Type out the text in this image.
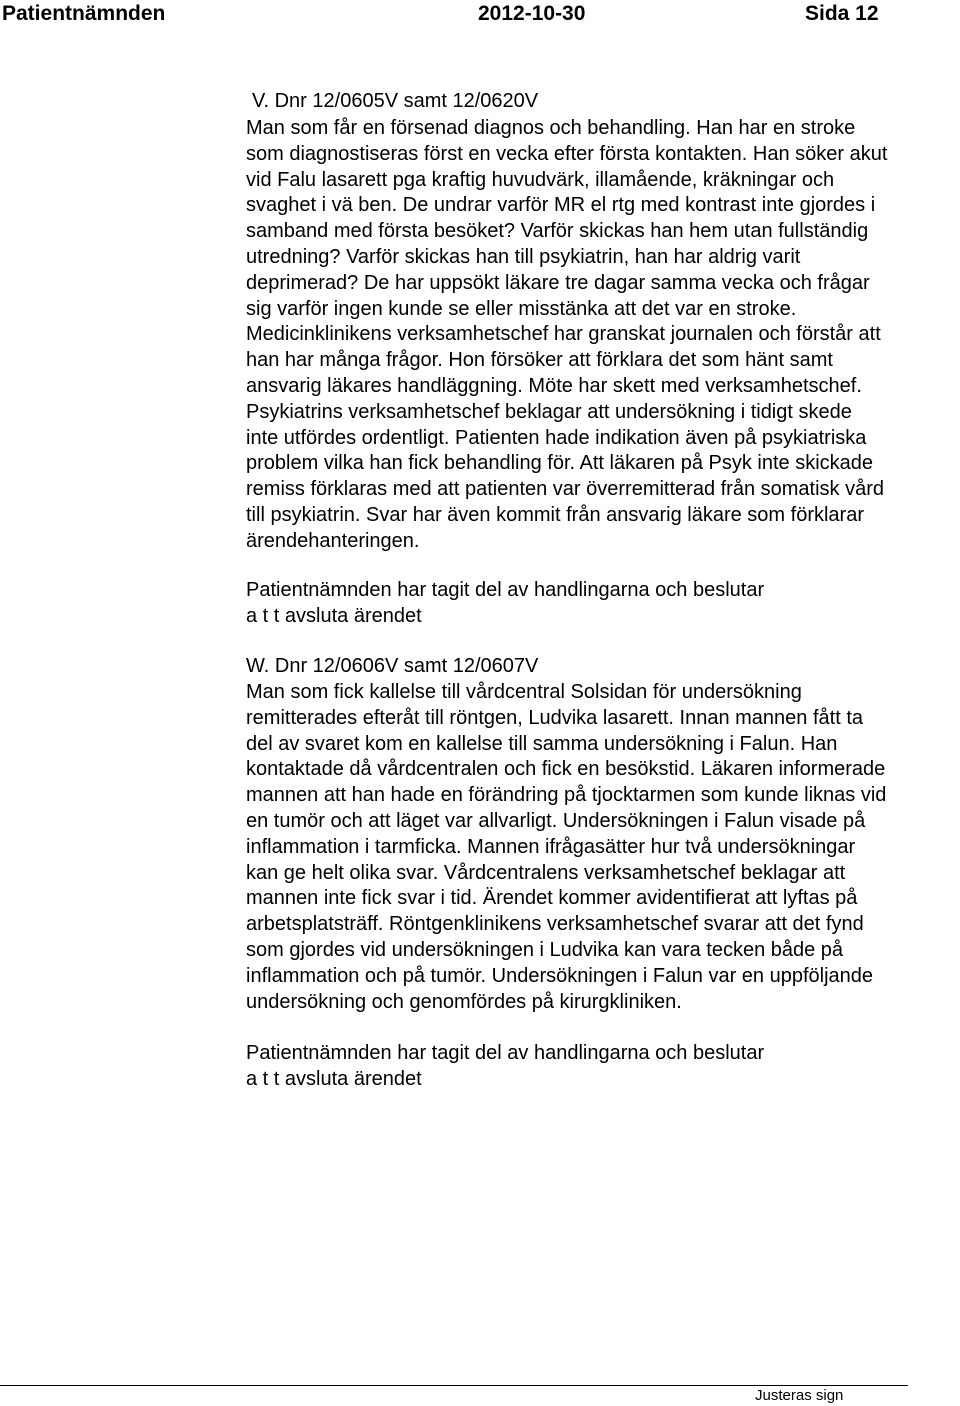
Patientnämnden	2012-10-30	Sida 12
V. Dnr 12/0605V samt 12/0620V
Man som får en försenad diagnos och behandling. Han har en stroke
som diagnostiseras först en vecka efter första kontakten. Han söker akut
vid Falu lasarett pga kraftig huvudvärk, illamående, kräkningar och
svaghet i vä ben. De undrar varför MR el rtg med kontrast inte gjordes i
samband med första besöket? Varför skickas han hem utan fullständig
utredning? Varför skickas han till psykiatrin, han har aldrig varit
deprimerad? De har uppsökt läkare tre dagar samma vecka och frågar
sig varför ingen kunde se eller misstänka att det var en stroke.
Medicinklinikens verksamhetschef har granskat journalen och förstår att
han har många frågor. Hon försöker att förklara det som hänt samt
ansvarig läkares handläggning. Möte har skett med verksamhetschef.
Psykiatrins verksamhetschef beklagar att undersökning i tidigt skede
inte utfördes ordentligt. Patienten hade indikation även på psykiatriska
problem vilka han fick behandling för. Att läkaren på Psyk inte skickade
remiss förklaras med att patienten var överremitterad från somatisk vård
till psykiatrin. Svar har även kommit från ansvarig läkare som förklarar
ärendehanteringen.
Patientnämnden har tagit del av handlingarna och beslutar
a t t avsluta ärendet
W. Dnr 12/0606V samt 12/0607V
Man som fick kallelse till vårdcentral Solsidan för undersökning
remitterades efteråt till röntgen, Ludvika lasarett. Innan mannen fått ta
del av svaret kom en kallelse till samma undersökning i Falun. Han
kontaktade då vårdcentralen och fick en besökstid. Läkaren informerade
mannen att han hade en förändring på tjocktarmen som kunde liknas vid
en tumör och att läget var allvarligt. Undersökningen i Falun visade på
inflammation i tarmficka. Mannen ifrågasätter hur två undersökningar
kan ge helt olika svar. Vårdcentralens verksamhetschef beklagar att
mannen inte fick svar i tid. Ärendet kommer avidentifierat att lyftas på
arbetsplatsträff. Röntgenklinikens verksamhetschef svarar att det fynd
som gjordes vid undersökningen i Ludvika kan vara tecken både på
inflammation och på tumör. Undersökningen i Falun var en uppföljande
undersökning och genomfördes på kirurgkliniken.
Patientnämnden har tagit del av handlingarna och beslutar
a t t avsluta ärendet
Justeras sign
